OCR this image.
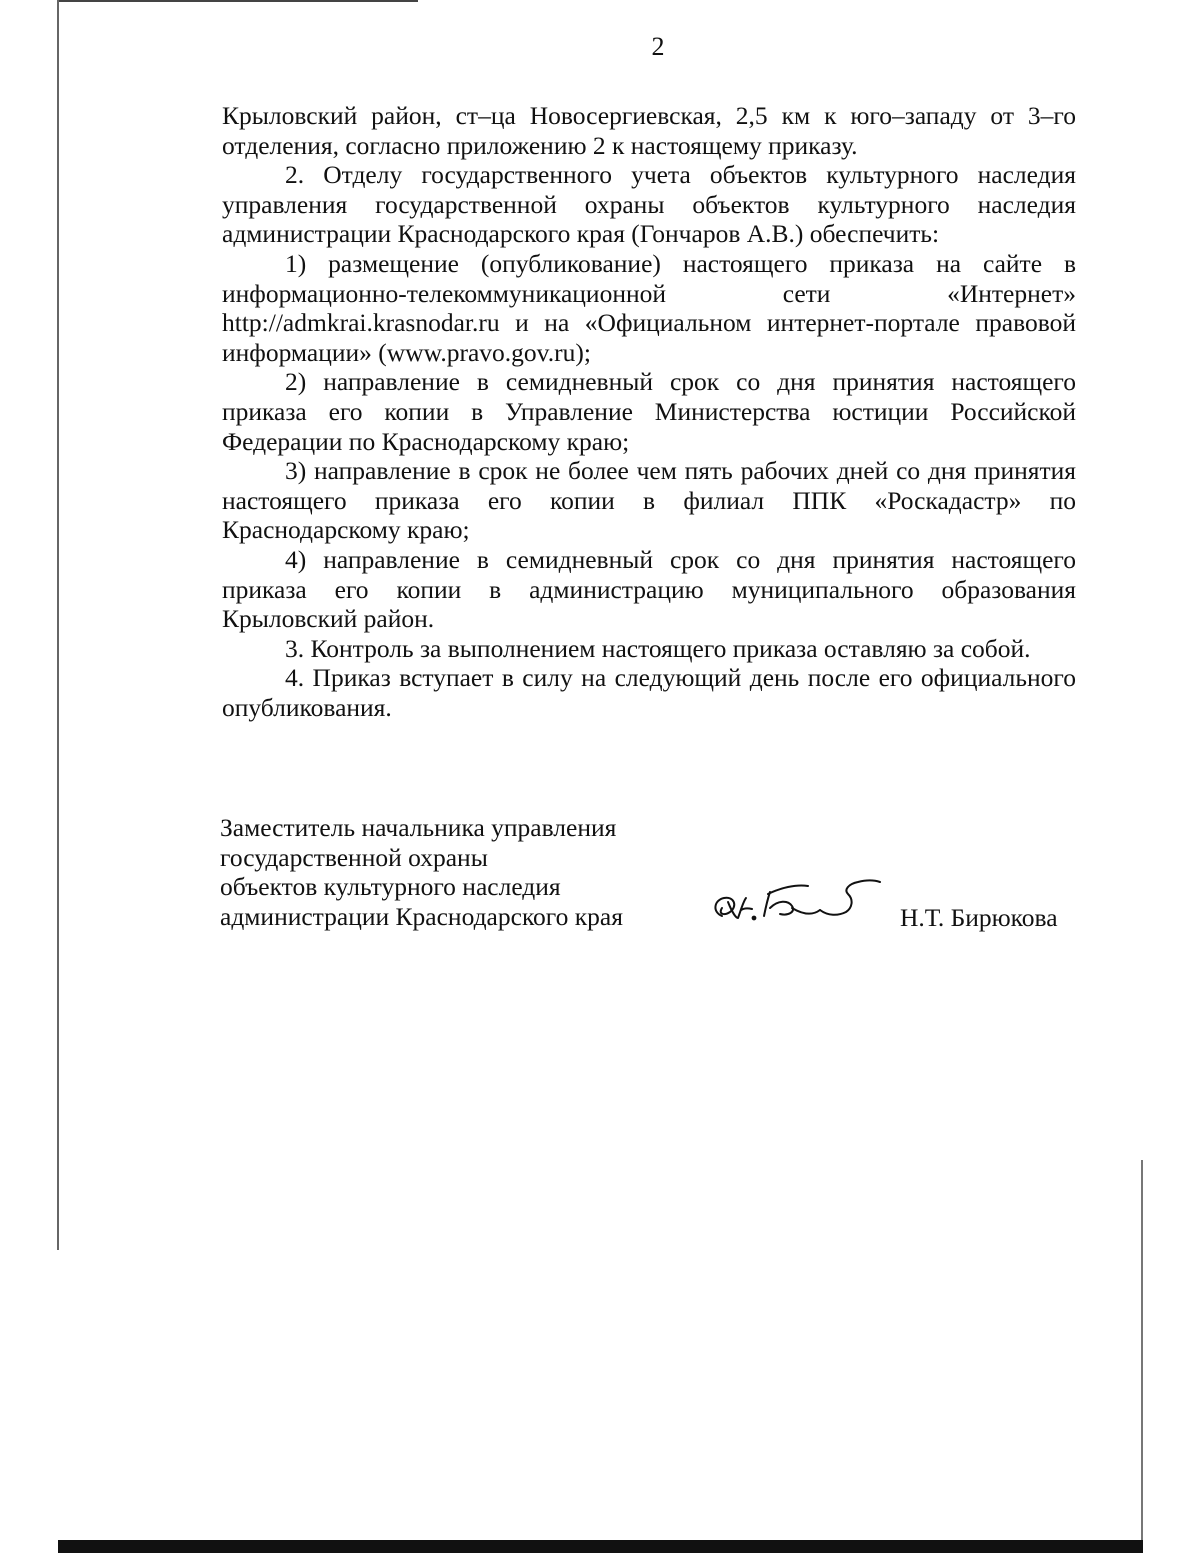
2

Крыловский район, ст–ца Новосергиевская, 2,5 км к юго–западу от 3–го отделения, согласно приложению 2 к настоящему приказу.

2. Отделу государственного учета объектов культурного наследия управления государственной охраны объектов культурного наследия администрации Краснодарского края (Гончаров А.В.) обеспечить:

1) размещение (опубликование) настоящего приказа на сайте в информационно-телекоммуникационной сети «Интернет» http://admkrai.krasnodar.ru и на «Официальном интернет-портале правовой информации» (www.pravo.gov.ru);

2) направление в семидневный срок со дня принятия настоящего приказа его копии в Управление Министерства юстиции Российской Федерации по Краснодарскому краю;

3) направление в срок не более чем пять рабочих дней со дня принятия настоящего приказа его копии в филиал ППК «Роскадастр» по Краснодарскому краю;

4) направление в семидневный срок со дня принятия настоящего приказа его копии в администрацию муниципального образования Крыловский район.

3. Контроль за выполнением настоящего приказа оставляю за собой.

4. Приказ вступает в силу на следующий день после его официального опубликования.

Заместитель начальника управления
государственной охраны
объектов культурного наследия
администрации Краснодарского края	Н.Т. Бирюкова
